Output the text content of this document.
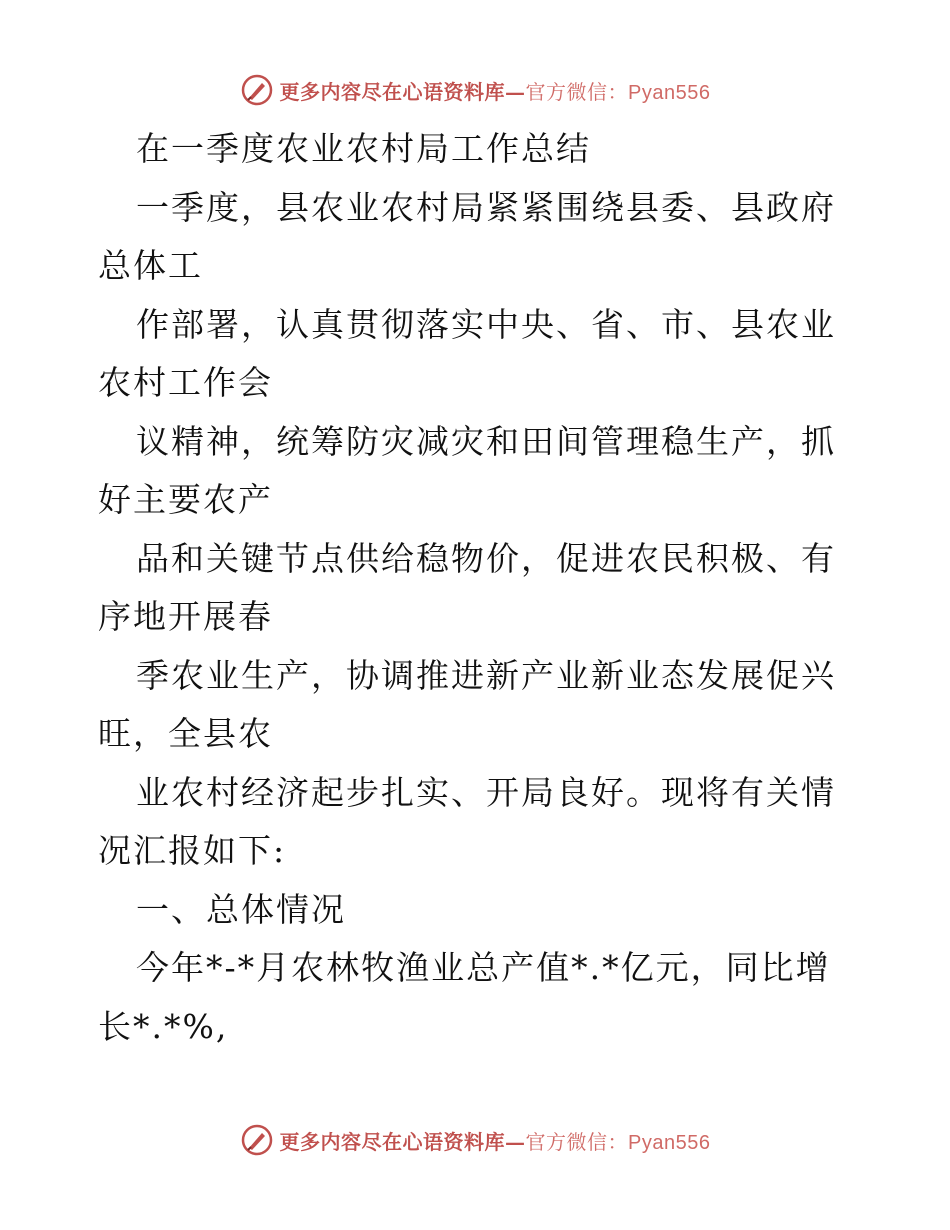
更多内容尽在心语资料库—官方微信：Pyan556

在一季度农业农村局工作总结

一季度，县农业农村局紧紧围绕县委、县政府总体工

作部署，认真贯彻落实中央、省、市、县农业农村工作会

议精神，统筹防灾减灾和田间管理稳生产，抓好主要农产

品和关键节点供给稳物价，促进农民积极、有序地开展春

季农业生产，协调推进新产业新业态发展促兴旺，全县农

业农村经济起步扎实、开局良好。现将有关情况汇报如下:

一、总体情况

今年*-*月农林牧渔业总产值*.*亿元，同比增长*.*%,

更多内容尽在心语资料库—官方微信：Pyan556
